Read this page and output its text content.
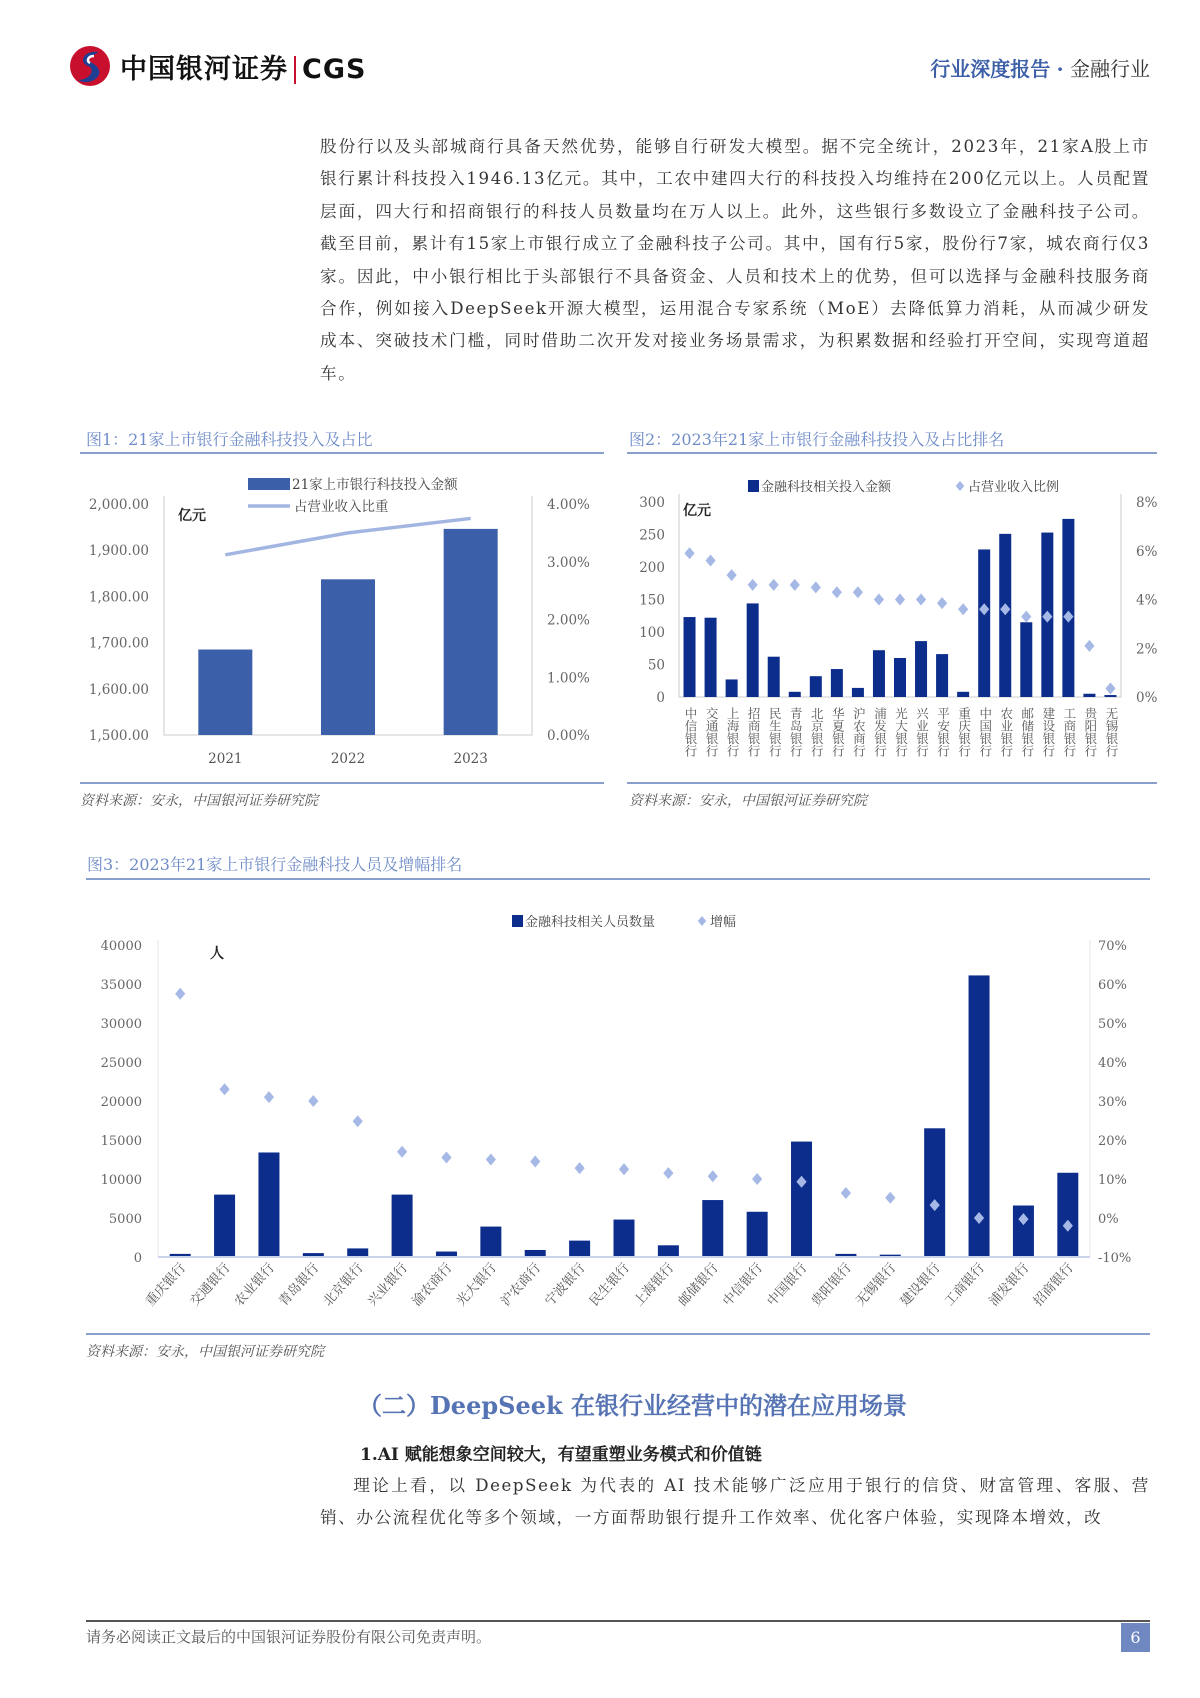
中国银河证券 CGS	行业深度报告 · 金融行业
股份行以及头部城商行具备天然优势，能够自行研发大模型。据不完全统计，2023年，21家A股上市银行累计科技投入1946.13亿元。其中，工农中建四大行的科技投入均维持在200亿元以上。人员配置层面，四大行和招商银行的科技人员数量均在万人以上。此外，这些银行多数设立了金融科技子公司。截至目前，累计有15家上市银行成立了金融科技子公司。其中，国有行5家，股份行7家，城农商行仅3家。因此，中小银行相比于头部银行不具备资金、人员和技术上的优势，但可以选择与金融科技服务商合作，例如接入DeepSeek开源大模型，运用混合专家系统（MoE）去降低算力消耗，从而减少研发成本、突破技术门槛，同时借助二次开发对接业务场景需求，为积累数据和经验打开空间，实现弯道超车。
图1：21家上市银行金融科技投入及占比
资料来源：安永，中国银河证券研究院
图2：2023年21家上市银行金融科技投入及占比排名
资料来源：安永，中国银河证券研究院
图3：2023年21家上市银行金融科技人员及增幅排名
资料来源：安永，中国银河证券研究院
1,500.00
1,600.00
1,700.00
1,800.00
1,900.00
2,000.00
0.00%
1.00%
2.00%
3.00%
4.00%
亿元
2021	2022	2023
21家上市银行科技投入金额
占营业收入比重
0
50
100
150
200
250
300
0%
2%
4%
6%
8%
亿元
中信银行 交通银行 上海银行 招商银行 民生银行 青岛银行 北京银行 华夏银行 沪农商行 浦发银行 光大银行 兴业银行 平安银行 重庆银行 中国银行 农业银行 邮储银行 建设银行 工商银行 贵阳银行 无锡银行
金融科技相关投入金额	占营业收入比例
0
5000
10000
15000
20000
25000
30000
35000
40000
-10%
0%
10%
20%
30%
40%
50%
60%
70%
人
重庆银行
交通银行
农业银行
青岛银行
北京银行
兴业银行
渝农商行
光大银行
沪农商行
宁波银行
民生银行
上海银行
邮储银行
中信银行
中国银行
贵阳银行
无锡银行
建设银行
工商银行
浦发银行
招商银行
金融科技相关人员数量	增幅
（二）DeepSeek 在银行业经营中的潜在应用场景
1.AI 赋能想象空间较大，有望重塑业务模式和价值链
理论上看，以 DeepSeek 为代表的 AI 技术能够广泛应用于银行的信贷、财富管理、客服、营销、办公流程优化等多个领域，一方面帮助银行提升工作效率、优化客户体验，实现降本增效，改
请务必阅读正文最后的中国银河证券股份有限公司免责声明。	6
